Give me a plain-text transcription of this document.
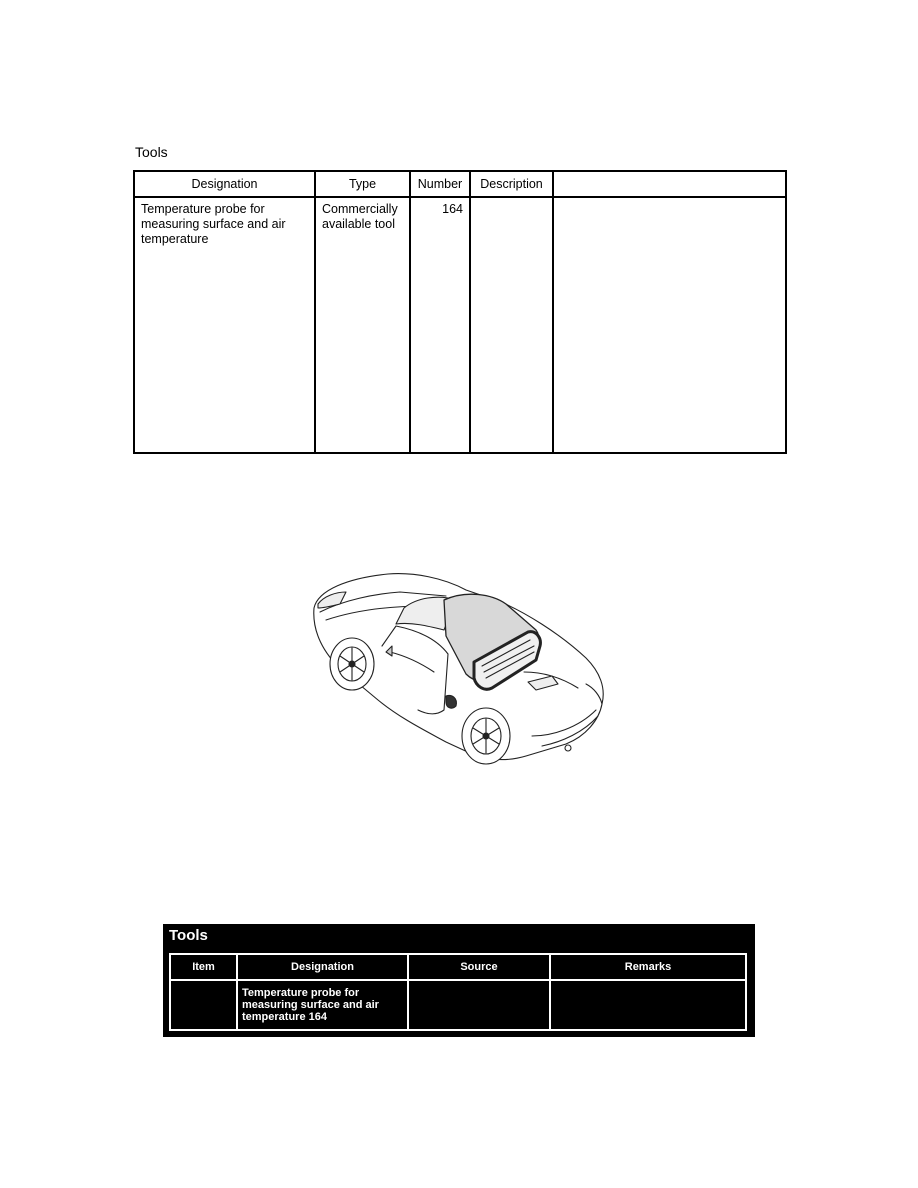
Tools
Designation	Type	Number	Description	
Temperature probe for measuring surface and air temperature	Commercially available tool	164		
Tools
Item	Designation	Source	Remarks
	Temperature probe for measuring surface and air temperature 164		
